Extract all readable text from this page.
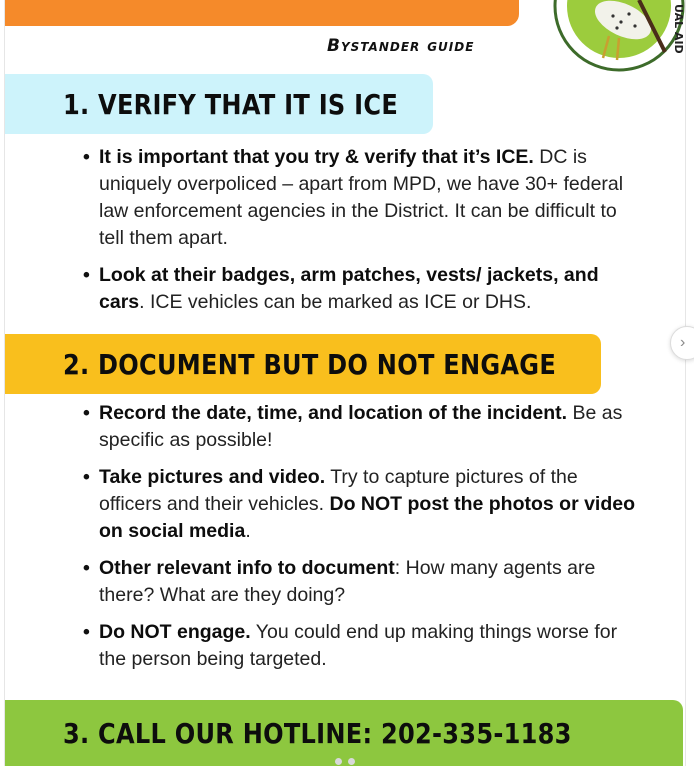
Bystander guide	UAL AID
1. VERIFY THAT IT IS ICE
• It is important that you try & verify that it’s ICE. DC is uniquely overpoliced – apart from MPD, we have 30+ federal law enforcement agencies in the District. It can be difficult to tell them apart.
• Look at their badges, arm patches, vests/ jackets, and cars. ICE vehicles can be marked as ICE or DHS.
2. DOCUMENT BUT DO NOT ENGAGE
• Record the date, time, and location of the incident. Be as specific as possible!
• Take pictures and video. Try to capture pictures of the officers and their vehicles. Do NOT post the photos or video on social media.
• Other relevant info to document: How many agents are there? What are they doing?
• Do NOT engage. You could end up making things worse for the person being targeted.
3. CALL OUR HOTLINE: 202-335-1183
›
